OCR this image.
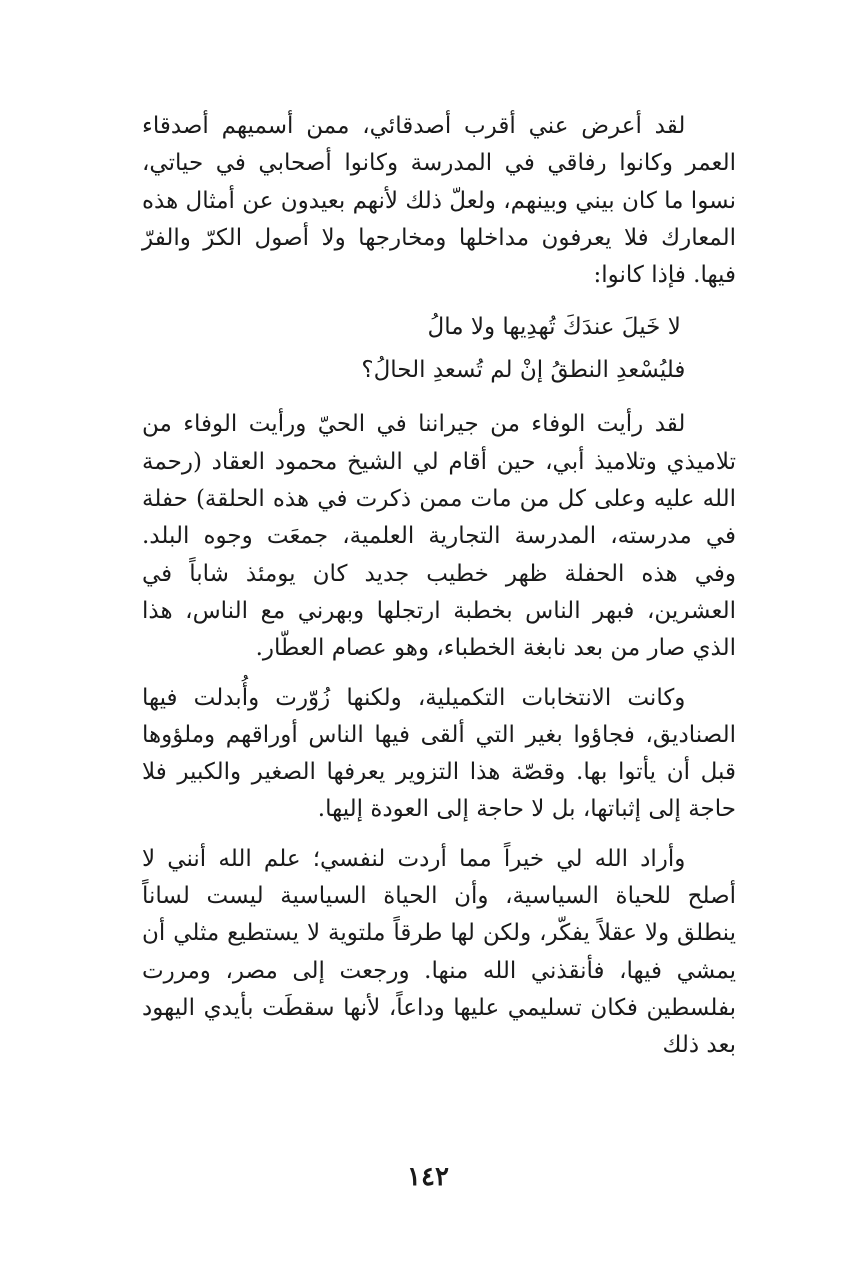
لقد أعرض عني أقرب أصدقائي، ممن أسميهم أصدقاء العمر وكانوا رفاقي في المدرسة وكانوا أصحابي في حياتي، نسوا ما كان بيني وبينهم، ولعلّ ذلك لأنهم بعيدون عن أمثال هذه المعارك فلا يعرفون مداخلها ومخارجها ولا أصول الكرّ والفرّ فيها. فإذا كانوا:

لا خَيلَ عندَكَ تُهدِيها ولا مالُ
فليُسْعدِ النطقُ إنْ لم تُسعدِ الحالُ؟

لقد رأيت الوفاء من جيراننا في الحيّ ورأيت الوفاء من تلاميذي وتلاميذ أبي، حين أقام لي الشيخ محمود العقاد (رحمة الله عليه وعلى كل من مات ممن ذكرت في هذه الحلقة) حفلة في مدرسته، المدرسة التجارية العلمية، جمعَت وجوه البلد. وفي هذه الحفلة ظهر خطيب جديد كان يومئذ شاباً في العشرين، فبهر الناس بخطبة ارتجلها وبهرني مع الناس، هذا الذي صار من بعد نابغة الخطباء، وهو عصام العطّار.

وكانت الانتخابات التكميلية، ولكنها زُوّرت وأُبدلت فيها الصناديق، فجاؤوا بغير التي ألقى فيها الناس أوراقهم وملؤوها قبل أن يأتوا بها. وقصّة هذا التزوير يعرفها الصغير والكبير فلا حاجة إلى إثباتها، بل لا حاجة إلى العودة إليها.

وأراد الله لي خيراً مما أردت لنفسي؛ علم الله أنني لا أصلح للحياة السياسية، وأن الحياة السياسية ليست لساناً ينطلق ولا عقلاً يفكّر، ولكن لها طرقاً ملتوية لا يستطيع مثلي أن يمشي فيها، فأنقذني الله منها. ورجعت إلى مصر، ومررت بفلسطين فكان تسليمي عليها وداعاً، لأنها سقطَت بأيدي اليهود بعد ذلك

١٤٢
